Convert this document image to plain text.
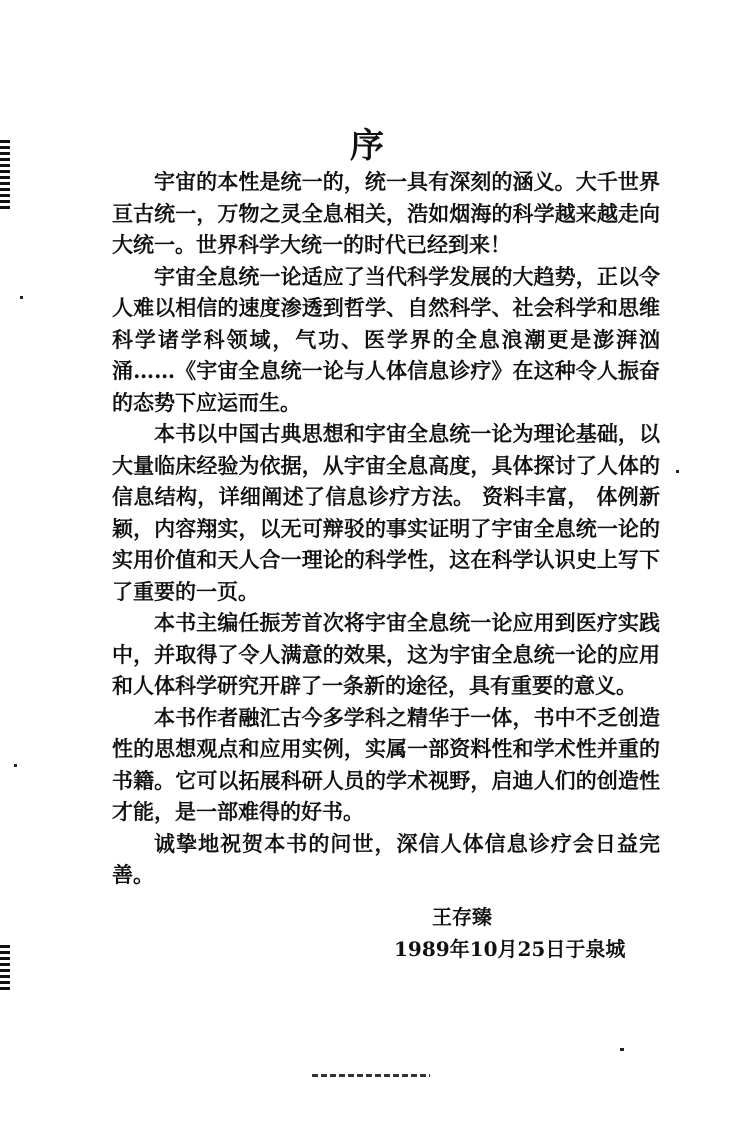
序

宇宙的本性是统一的，统一具有深刻的涵义。大千世界亘古统一，万物之灵全息相关，浩如烟海的科学越来越走向大统一。世界科学大统一的时代已经到来！

宇宙全息统一论适应了当代科学发展的大趋势，正以令人难以相信的速度渗透到哲学、自然科学、社会科学和思维科学诸学科领域，气功、医学界的全息浪潮更是澎湃汹涌……《宇宙全息统一论与人体信息诊疗》在这种令人振奋的态势下应运而生。

本书以中国古典思想和宇宙全息统一论为理论基础，以大量临床经验为依据，从宇宙全息高度，具体探讨了人体的信息结构，详细阐述了信息诊疗方法。 资料丰富， 体例新颖，内容翔实，以无可辩驳的事实证明了宇宙全息统一论的实用价值和天人合一理论的科学性，这在科学认识史上写下了重要的一页。

本书主编任振芳首次将宇宙全息统一论应用到医疗实践中，并取得了令人满意的效果，这为宇宙全息统一论的应用和人体科学研究开辟了一条新的途径，具有重要的意义。

本书作者融汇古今多学科之精华于一体，书中不乏创造性的思想观点和应用实例，实属一部资料性和学术性并重的书籍。它可以拓展科研人员的学术视野，启迪人们的创造性才能，是一部难得的好书。

诚挚地祝贺本书的问世，深信人体信息诊疗会日益完善。

王存臻
1989年10月25日于泉城
